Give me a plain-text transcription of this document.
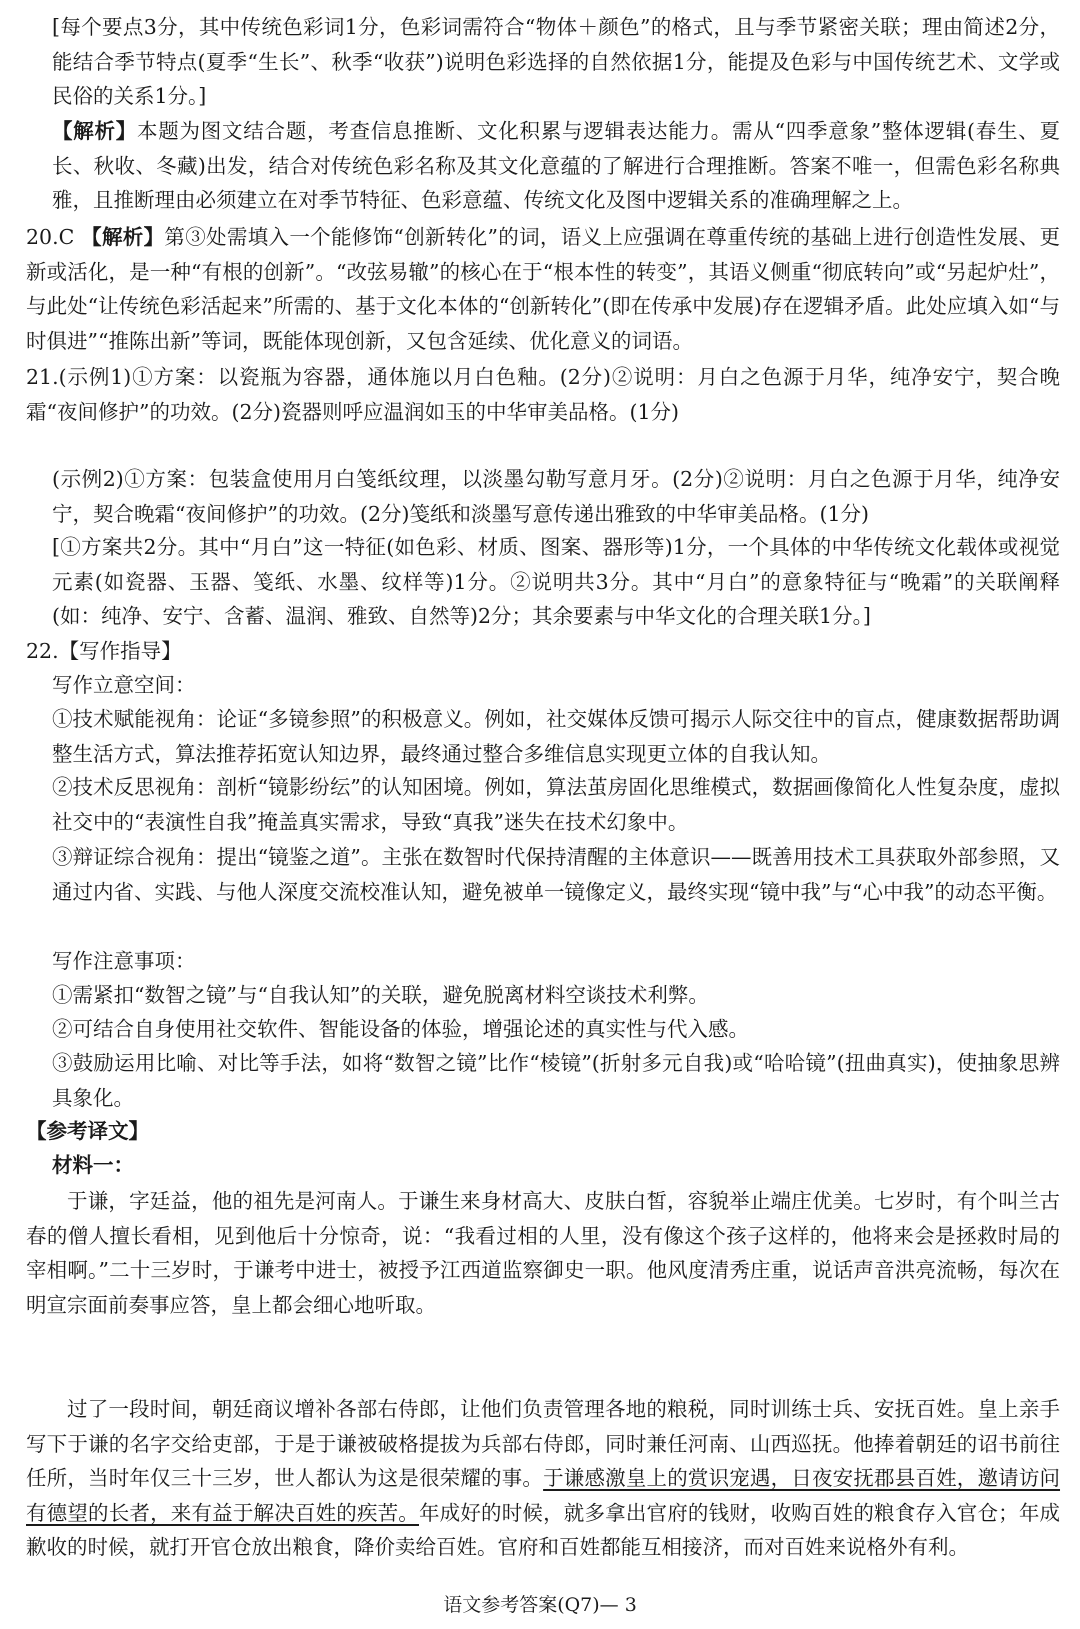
[每个要点3分，其中传统色彩词1分，色彩词需符合“物体＋颜色”的格式，且与季节紧密关联；理由简述2分，能结合季节特点(夏季“生长”、秋季“收获”)说明色彩选择的自然依据1分，能提及色彩与中国传统艺术、文学或民俗的关系1分。]
【解析】本题为图文结合题，考查信息推断、文化积累与逻辑表达能力。需从“四季意象”整体逻辑(春生、夏长、秋收、冬藏)出发，结合对传统色彩名称及其文化意蕴的了解进行合理推断。答案不唯一，但需色彩名称典雅，且推断理由必须建立在对季节特征、色彩意蕴、传统文化及图中逻辑关系的准确理解之上。
20.C 【解析】第③处需填入一个能修饰“创新转化”的词，语义上应强调在尊重传统的基础上进行创造性发展、更新或活化，是一种“有根的创新”。“改弦易辙”的核心在于“根本性的转变”，其语义侧重“彻底转向”或“另起炉灶”，与此处“让传统色彩活起来”所需的、基于文化本体的“创新转化”(即在传承中发展)存在逻辑矛盾。此处应填入如“与时俱进”“推陈出新”等词，既能体现创新，又包含延续、优化意义的词语。
21.(示例1)①方案：以瓷瓶为容器，通体施以月白色釉。(2分)②说明：月白之色源于月华，纯净安宁，契合晚霜“夜间修护”的功效。(2分)瓷器则呼应温润如玉的中华审美品格。(1分)
(示例2)①方案：包装盒使用月白笺纸纹理，以淡墨勾勒写意月牙。(2分)②说明：月白之色源于月华，纯净安宁，契合晚霜“夜间修护”的功效。(2分)笺纸和淡墨写意传递出雅致的中华审美品格。(1分)
[①方案共2分。其中“月白”这一特征(如色彩、材质、图案、器形等)1分，一个具体的中华传统文化载体或视觉元素(如瓷器、玉器、笺纸、水墨、纹样等)1分。②说明共3分。其中“月白”的意象特征与“晚霜”的关联阐释(如：纯净、安宁、含蓄、温润、雅致、自然等)2分；其余要素与中华文化的合理关联1分。]
22.【写作指导】
写作立意空间：
①技术赋能视角：论证“多镜参照”的积极意义。例如，社交媒体反馈可揭示人际交往中的盲点，健康数据帮助调整生活方式，算法推荐拓宽认知边界，最终通过整合多维信息实现更立体的自我认知。
②技术反思视角：剖析“镜影纷纭”的认知困境。例如，算法茧房固化思维模式，数据画像简化人性复杂度，虚拟社交中的“表演性自我”掩盖真实需求，导致“真我”迷失在技术幻象中。
③辩证综合视角：提出“镜鉴之道”。主张在数智时代保持清醒的主体意识——既善用技术工具获取外部参照，又通过内省、实践、与他人深度交流校准认知，避免被单一镜像定义，最终实现“镜中我”与“心中我”的动态平衡。
写作注意事项：
①需紧扣“数智之镜”与“自我认知”的关联，避免脱离材料空谈技术利弊。
②可结合自身使用社交软件、智能设备的体验，增强论述的真实性与代入感。
③鼓励运用比喻、对比等手法，如将“数智之镜”比作“棱镜”(折射多元自我)或“哈哈镜”(扭曲真实)，使抽象思辨具象化。
【参考译文】
材料一：
于谦，字廷益，他的祖先是河南人。于谦生来身材高大、皮肤白皙，容貌举止端庄优美。七岁时，有个叫兰古春的僧人擅长看相，见到他后十分惊奇，说：“我看过相的人里，没有像这个孩子这样的，他将来会是拯救时局的宰相啊。”二十三岁时，于谦考中进士，被授予江西道监察御史一职。他风度清秀庄重，说话声音洪亮流畅，每次在明宣宗面前奏事应答，皇上都会细心地听取。
过了一段时间，朝廷商议增补各部右侍郎，让他们负责管理各地的粮税，同时训练士兵、安抚百姓。皇上亲手写下于谦的名字交给吏部，于是于谦被破格提拔为兵部右侍郎，同时兼任河南、山西巡抚。他捧着朝廷的诏书前往任所，当时年仅三十三岁，世人都认为这是很荣耀的事。于谦感激皇上的赏识宠遇，日夜安抚郡县百姓，邀请访问有德望的长者，来有益于解决百姓的疾苦。年成好的时候，就多拿出官府的钱财，收购百姓的粮食存入官仓；年成歉收的时候，就打开官仓放出粮食，降价卖给百姓。官府和百姓都能互相接济，而对百姓来说格外有利。
语文参考答案(Q7)— 3
